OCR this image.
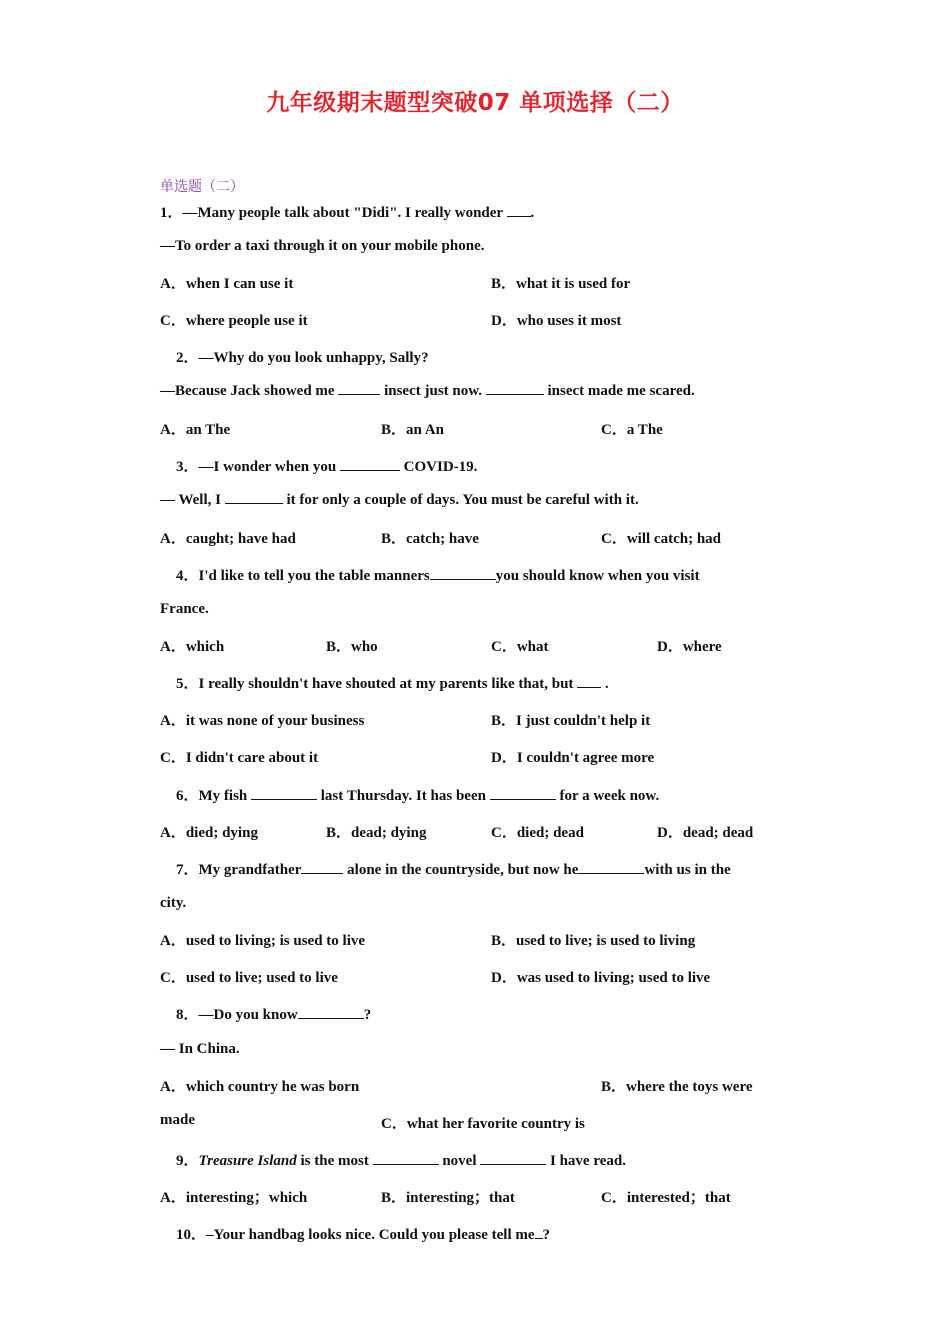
九年级期末题型突破07 单项选择（二）
单选题（二）
1．—Many people talk about "Didi". I really wonder .
—To order a taxi through it on your mobile phone.
A．when I can use it	B．what it is used for
C．where people use it	D．who uses it most
2．—Why do you look unhappy, Sally?
—Because Jack showed me	insect just now.	insect made me scared.
A．an The	B．an An	C．a The
3．—I wonder when you	COVID-19.
— Well, I	it for only a couple of days. You must be careful with it.
A．caught; have had	B．catch; have	C．will catch; had
4．I'd like to tell you the table manners	you should know when you visit
France.
A．which	B．who	C．what	D．where
5．I really shouldn't have shouted at my parents like that, but  .
A．it was none of your business	B．I just couldn't help it
C．I didn't care about it	D．I couldn't agree more
6．My fish	last Thursday. It has been	for a week now.
A．died; dying	B．dead; dying	C．died; dead	D．dead; dead
7．My grandfather	alone in the countryside, but now he	with us in the
city.
A．used to living; is used to live	B．used to live; is used to living
C．used to live; used to live	D．was used to living; used to live
8．—Do you know	?
— In China.
A．which country he was born	B．where the toys were
made	C．what her favorite country is
9．Treasure Island is the most	novel	I have read.
A．interesting；which	B．interesting；that	C．interested；that
10．–Your handbag looks nice. Could you please tell me ?
